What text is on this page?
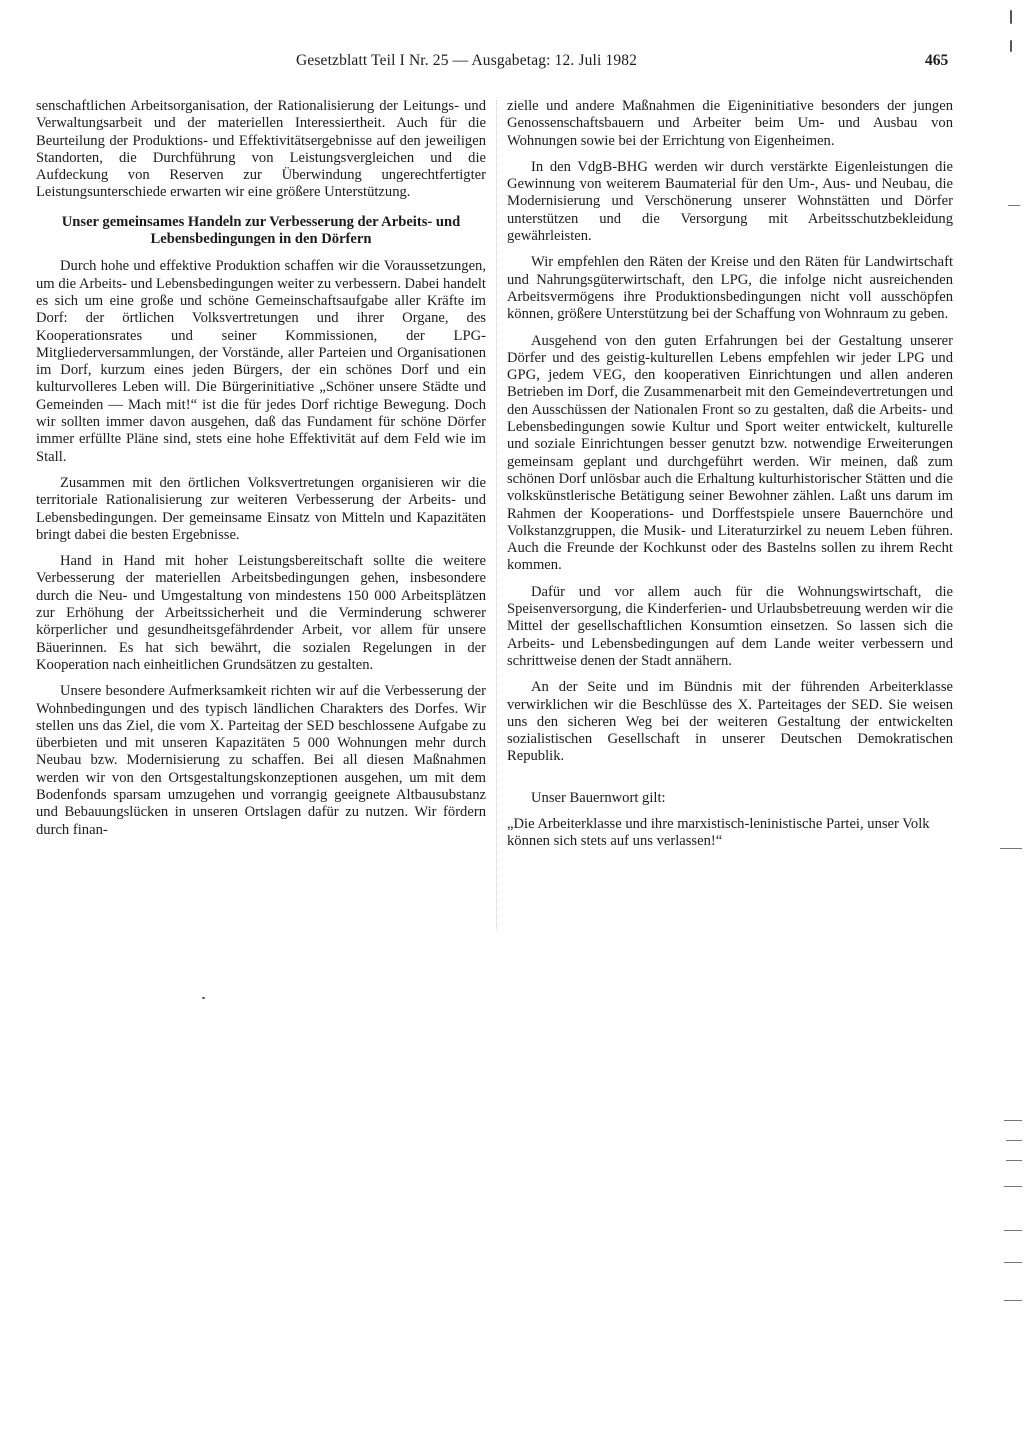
Gesetzblatt Teil I Nr. 25 — Ausgabetag: 12. Juli 1982	465

senschaftlichen Arbeitsorganisation, der Rationalisierung der Leitungs- und Verwaltungsarbeit und der materiellen Interessiertheit. Auch für die Beurteilung der Produktions- und Effektivitätsergebnisse auf den jeweiligen Standorten, die Durchführung von Leistungsvergleichen und die Aufdeckung von Reserven zur Überwindung ungerechtfertigter Leistungsunterschiede erwarten wir eine größere Unterstützung.

Unser gemeinsames Handeln zur Verbesserung der Arbeits- und Lebensbedingungen in den Dörfern

Durch hohe und effektive Produktion schaffen wir die Voraussetzungen, um die Arbeits- und Lebensbedingungen weiter zu verbessern. Dabei handelt es sich um eine große und schöne Gemeinschaftsaufgabe aller Kräfte im Dorf: der örtlichen Volksvertretungen und ihrer Organe, des Kooperationsrates und seiner Kommissionen, der LPG-Mitgliederversammlungen, der Vorstände, aller Parteien und Organisationen im Dorf, kurzum eines jeden Bürgers, der ein schönes Dorf und ein kulturvolleres Leben will. Die Bürgerinitiative „Schöner unsere Städte und Gemeinden — Mach mit!“ ist die für jedes Dorf richtige Bewegung. Doch wir sollten immer davon ausgehen, daß das Fundament für schöne Dörfer immer erfüllte Pläne sind, stets eine hohe Effektivität auf dem Feld wie im Stall.

Zusammen mit den örtlichen Volksvertretungen organisieren wir die territoriale Rationalisierung zur weiteren Verbesserung der Arbeits- und Lebensbedingungen. Der gemeinsame Einsatz von Mitteln und Kapazitäten bringt dabei die besten Ergebnisse.

Hand in Hand mit hoher Leistungsbereitschaft sollte die weitere Verbesserung der materiellen Arbeitsbedingungen gehen, insbesondere durch die Neu- und Umgestaltung von mindestens 150 000 Arbeitsplätzen zur Erhöhung der Arbeitssicherheit und die Verminderung schwerer körperlicher und gesundheitsgefährdender Arbeit, vor allem für unsere Bäuerinnen. Es hat sich bewährt, die sozialen Regelungen in der Kooperation nach einheitlichen Grundsätzen zu gestalten.

Unsere besondere Aufmerksamkeit richten wir auf die Verbesserung der Wohnbedingungen und des typisch ländlichen Charakters des Dorfes. Wir stellen uns das Ziel, die vom X. Parteitag der SED beschlossene Aufgabe zu überbieten und mit unseren Kapazitäten 5 000 Wohnungen mehr durch Neubau bzw. Modernisierung zu schaffen. Bei all diesen Maßnahmen werden wir von den Ortsgestaltungskonzeptionen ausgehen, um mit dem Bodenfonds sparsam umzugehen und vorrangig geeignete Altbausubstanz und Bebauungslücken in unseren Ortslagen dafür zu nutzen. Wir fördern durch finan-

zielle und andere Maßnahmen die Eigeninitiative besonders der jungen Genossenschaftsbauern und Arbeiter beim Um- und Ausbau von Wohnungen sowie bei der Errichtung von Eigenheimen.

In den VdgB-BHG werden wir durch verstärkte Eigenleistungen die Gewinnung von weiterem Baumaterial für den Um-, Aus- und Neubau, die Modernisierung und Verschönerung unserer Wohnstätten und Dörfer unterstützen und die Versorgung mit Arbeitsschutzbekleidung gewährleisten.

Wir empfehlen den Räten der Kreise und den Räten für Landwirtschaft und Nahrungsgüterwirtschaft, den LPG, die infolge nicht ausreichenden Arbeitsvermögens ihre Produktionsbedingungen nicht voll ausschöpfen können, größere Unterstützung bei der Schaffung von Wohnraum zu geben.

Ausgehend von den guten Erfahrungen bei der Gestaltung unserer Dörfer und des geistig-kulturellen Lebens empfehlen wir jeder LPG und GPG, jedem VEG, den kooperativen Einrichtungen und allen anderen Betrieben im Dorf, die Zusammenarbeit mit den Gemeindevertretungen und den Ausschüssen der Nationalen Front so zu gestalten, daß die Arbeits- und Lebensbedingungen sowie Kultur und Sport weiter entwickelt, kulturelle und soziale Einrichtungen besser genutzt bzw. notwendige Erweiterungen gemeinsam geplant und durchgeführt werden. Wir meinen, daß zum schönen Dorf unlösbar auch die Erhaltung kulturhistorischer Stätten und die volkskünstlerische Betätigung seiner Bewohner zählen. Laßt uns darum im Rahmen der Kooperations- und Dorffestspiele unsere Bauernchöre und Volkstanzgruppen, die Musik- und Literaturzirkel zu neuem Leben führen. Auch die Freunde der Kochkunst oder des Bastelns sollen zu ihrem Recht kommen.

Dafür und vor allem auch für die Wohnungswirtschaft, die Speisenversorgung, die Kinderferien- und Urlaubsbetreuung werden wir die Mittel der gesellschaftlichen Konsumtion einsetzen. So lassen sich die Arbeits- und Lebensbedingungen auf dem Lande weiter verbessern und schrittweise denen der Stadt annähern.

An der Seite und im Bündnis mit der führenden Arbeiterklasse verwirklichen wir die Beschlüsse des X. Parteitages der SED. Sie weisen uns den sicheren Weg bei der weiteren Gestaltung der entwickelten sozialistischen Gesellschaft in unserer Deutschen Demokratischen Republik.

Unser Bauernwort gilt:

„Die Arbeiterklasse und ihre marxistisch-leninistische Partei, unser Volk können sich stets auf uns verlassen!“
